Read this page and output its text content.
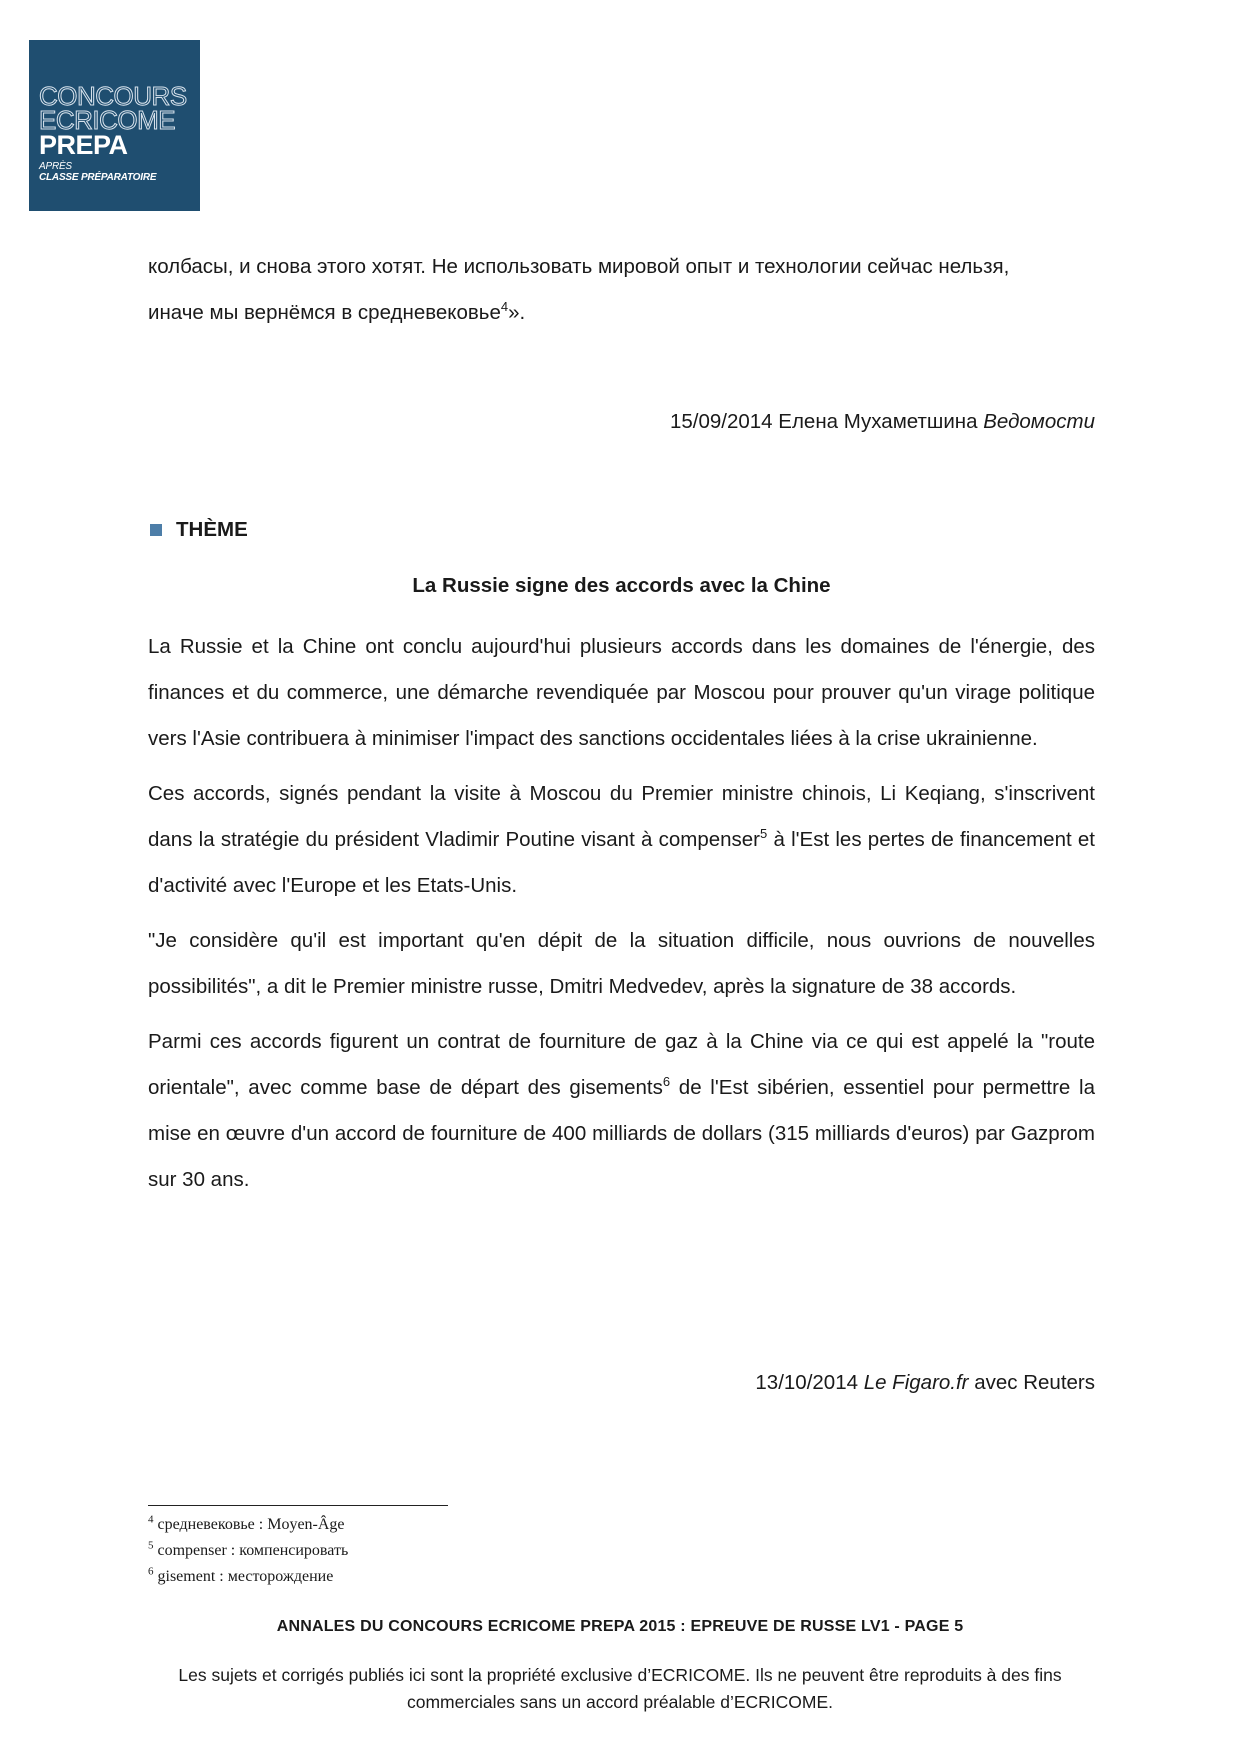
CONCOURS
ECRICOME
PREPA
APRÈS
CLASSE PRÉPARATOIRE

колбасы, и снова этого хотят. Не использовать мировой опыт и технологии сейчас нельзя,

иначе мы вернёмся в средневековье$^4$».

15/09/2014 Елена Мухаметшина Ведомости
THÈME
La Russie signe des accords avec la Chine

La Russie et la Chine ont conclu aujourd'hui plusieurs accords dans les domaines de l'énergie, des finances et du commerce, une démarche revendiquée par Moscou pour prouver qu'un virage politique vers l'Asie contribuera à minimiser l'impact des sanctions occidentales liées à la crise ukrainienne.

Ces accords, signés pendant la visite à Moscou du Premier ministre chinois, Li Keqiang, s'inscrivent dans la stratégie du président Vladimir Poutine visant à compenser$^5$ à l'Est les pertes de financement et d'activité avec l'Europe et les Etats-Unis.

"Je considère qu'il est important qu'en dépit de la situation difficile, nous ouvrions de nouvelles possibilités", a dit le Premier ministre russe, Dmitri Medvedev, après la signature de 38 accords.

Parmi ces accords figurent un contrat de fourniture de gaz à la Chine via ce qui est appelé la "route orientale", avec comme base de départ des gisements$^6$ de l'Est sibérien, essentiel pour permettre la mise en œuvre d'un accord de fourniture de 400 milliards de dollars (315 milliards d'euros) par Gazprom sur 30 ans.

13/10/2014 Le Figaro.fr avec Reuters
$^4$ средневековье : Moyen-Âge
$^5$ compenser : компенсировать
$^6$ gisement : месторождение
ANNALES DU CONCOURS ECRICOME PREPA 2015 : EPREUVE DE RUSSE LV1 - PAGE 5
Les sujets et corrigés publiés ici sont la propriété exclusive d’ECRICOME. Ils ne peuvent être reproduits à des fins commerciales sans un accord préalable d’ECRICOME.
